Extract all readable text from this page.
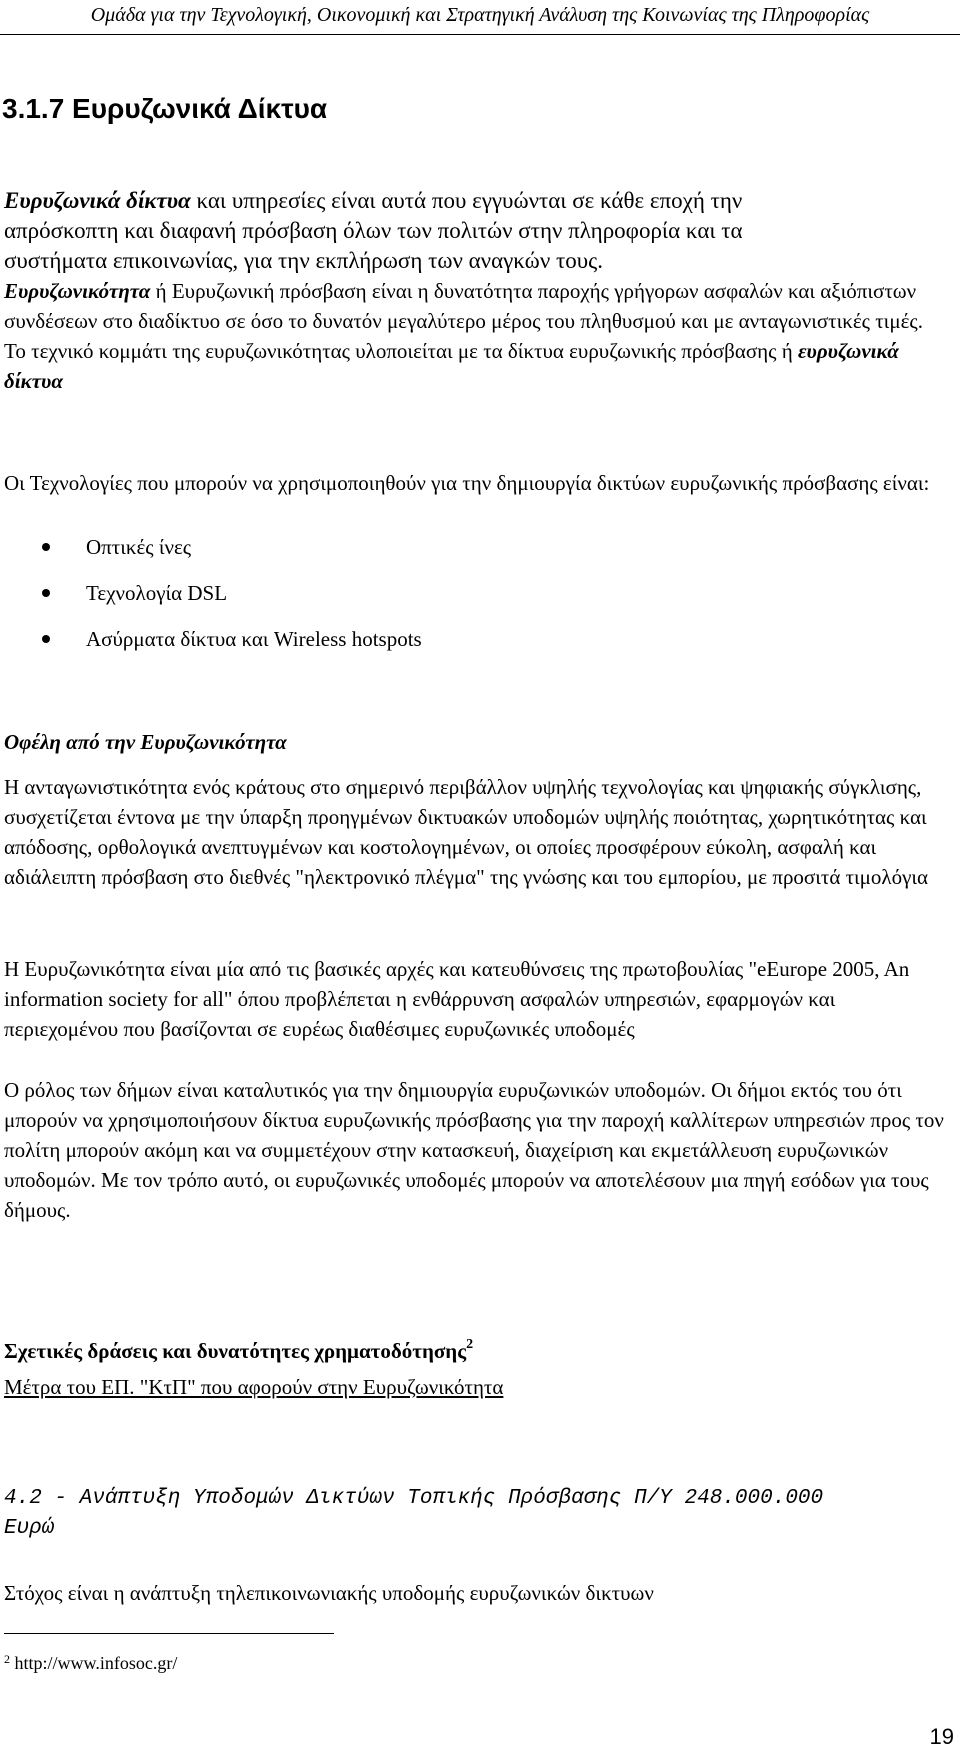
Ομάδα για την Τεχνολογική, Οικονομική και Στρατηγική Ανάλυση της Κοινωνίας της Πληροφορίας
3.1.7 Ευρυζωνικά Δίκτυα
Ευρυζωνικά δίκτυα και υπηρεσίες είναι αυτά που εγγυώνται σε κάθε εποχή την
απρόσκοπτη και διαφανή πρόσβαση όλων των πολιτών στην πληροφορία και τα
συστήματα επικοινωνίας, για την εκπλήρωση των αναγκών τους.

Ευρυζωνικότητα ή Ευρυζωνική πρόσβαση είναι η δυνατότητα παροχής γρήγορων ασφαλών και αξιόπιστων συνδέσεων στο διαδίκτυο σε όσο το δυνατόν μεγαλύτερο μέρος του πληθυσμού και με ανταγωνιστικές τιμές. Το τεχνικό κομμάτι της ευρυζωνικότητας υλοποιείται με τα δίκτυα ευρυζωνικής πρόσβασης ή ευρυζωνικά δίκτυα

Οι Τεχνολογίες που μπορούν να χρησιμοποιηθούν για την δημιουργία δικτύων ευρυζωνικής πρόσβασης είναι:

Οπτικές ίνες
Τεχνολογία DSL
Ασύρματα δίκτυα και Wireless hotspots
Οφέλη από την Ευρυζωνικότητα

Η ανταγωνιστικότητα ενός κράτους στο σημερινό περιβάλλον υψηλής τεχνολογίας και ψηφιακής σύγκλισης, συσχετίζεται έντονα με την ύπαρξη προηγμένων δικτυακών υποδομών υψηλής ποιότητας, χωρητικότητας και απόδοσης, ορθολογικά ανεπτυγμένων και κοστολογημένων, οι οποίες προσφέρουν εύκολη, ασφαλή και αδιάλειπτη πρόσβαση στο διεθνές "ηλεκτρονικό πλέγμα" της γνώσης και του εμπορίου, με προσιτά τιμολόγια

Η Ευρυζωνικότητα είναι μία από τις βασικές αρχές και κατευθύνσεις της πρωτοβουλίας "eEurope 2005, An information society for all" όπου προβλέπεται η ενθάρρυνση ασφαλών υπηρεσιών, εφαρμογών και περιεχομένου που βασίζονται σε ευρέως διαθέσιμες ευρυζωνικές υποδομές

Ο ρόλος των δήμων είναι καταλυτικός για την δημιουργία ευρυζωνικών υποδομών. Οι δήμοι εκτός του ότι μπορούν να χρησιμοποιήσουν δίκτυα ευρυζωνικής πρόσβασης για την παροχή καλλίτερων υπηρεσιών προς τον πολίτη μπορούν ακόμη και να συμμετέχουν στην κατασκευή, διαχείριση και εκμετάλλευση ευρυζωνικών υποδομών. Με τον τρόπο αυτό, οι ευρυζωνικές υποδομές μπορούν να αποτελέσουν μια πηγή εσόδων για τους δήμους.

Σχετικές δράσεις και δυνατότητες χρηματοδότησης$^2$
Μέτρα του ΕΠ. "ΚτΠ" που αφορούν στην Ευρυζωνικότητα
4.2 - Ανάπτυξη Υποδομών Δικτύων Τοπικής Πρόσβασης Π/Υ 248.000.000
Ευρώ
Στόχος είναι η ανάπτυξη τηλεπικοινωνιακής υποδομής ευρυζωνικών δικτυων
$^2$ http://www.infosoc.gr/
19
